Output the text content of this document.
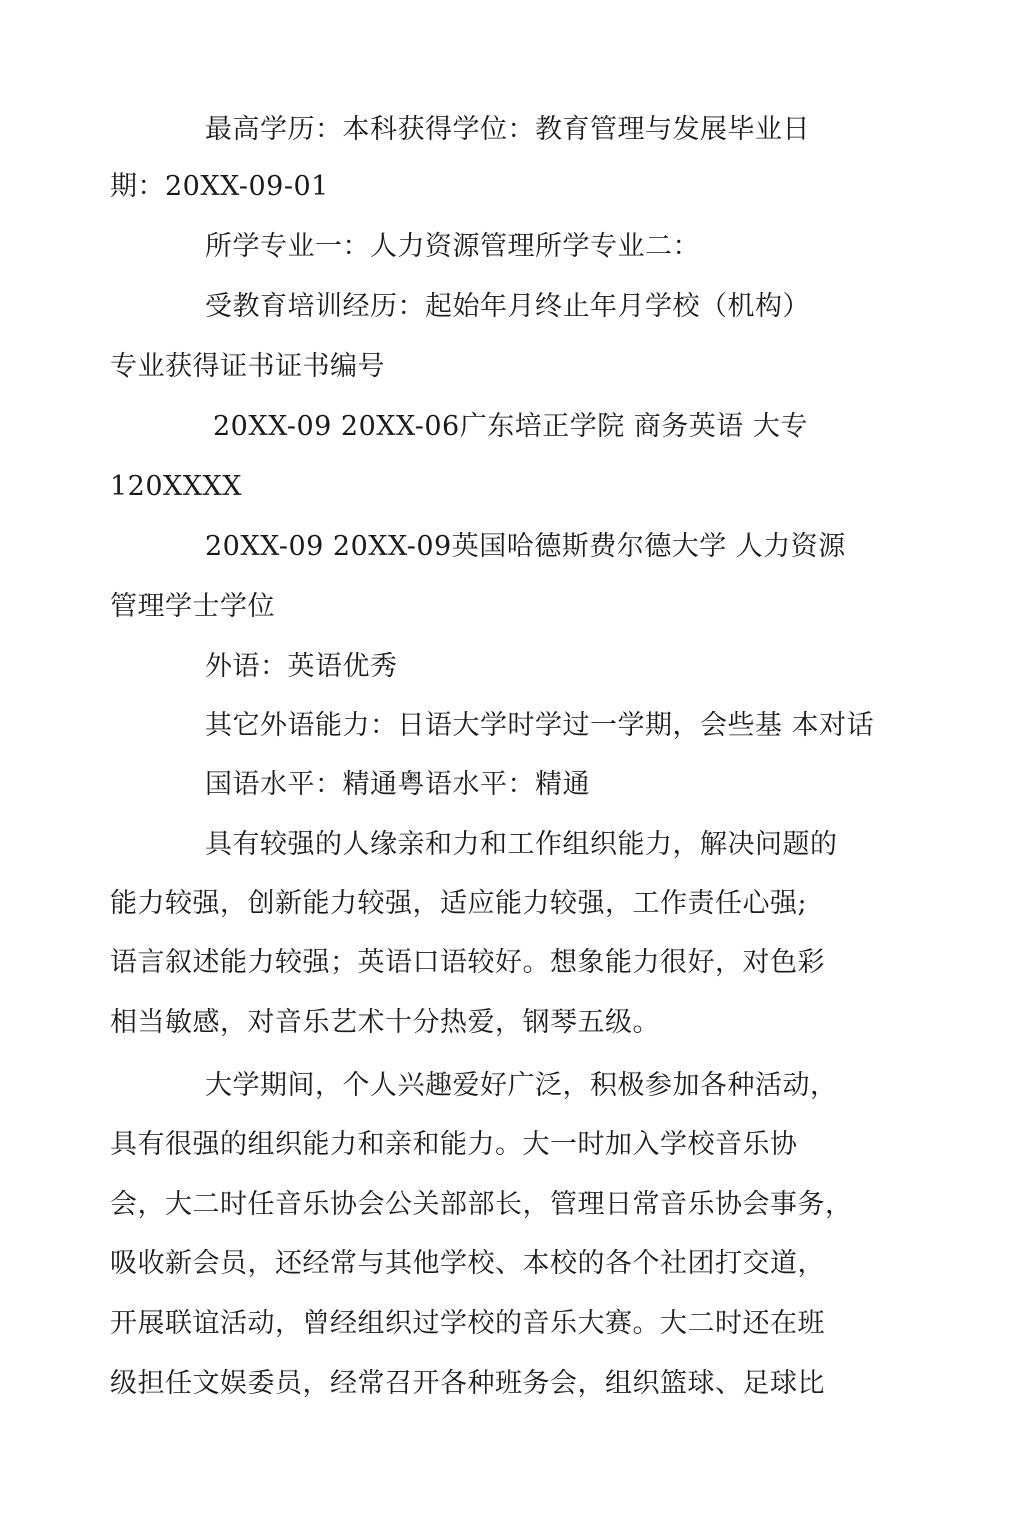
最高学历：本科获得学位：教育管理与发展毕业日
期：20XX-09-01
所学专业一：人力资源管理所学专业二：
受教育培训经历：起始年月终止年月学校（机构）
专业获得证书证书编号
20XX-09 20XX-06广东培正学院 商务英语 大专
120XXXX
20XX-09 20XX-09英国哈德斯费尔德大学 人力资源
管理学士学位
外语：英语优秀
其它外语能力：日语大学时学过一学期，会些基 本对话
国语水平：精通粤语水平：精通
具有较强的人缘亲和力和工作组织能力，解决问题的
能力较强，创新能力较强，适应能力较强，工作责任心强;
语言叙述能力较强；英语口语较好。想象能力很好，对色彩
相当敏感，对音乐艺术十分热爱，钢琴五级。
大学期间，个人兴趣爱好广泛，积极参加各种活动，
具有很强的组织能力和亲和能力。大一时加入学校音乐协
会，大二时任音乐协会公关部部长，管理日常音乐协会事务，
吸收新会员，还经常与其他学校、本校的各个社团打交道，
开展联谊活动，曾经组织过学校的音乐大赛。大二时还在班
级担任文娱委员，经常召开各种班务会，组织篮球、足球比
